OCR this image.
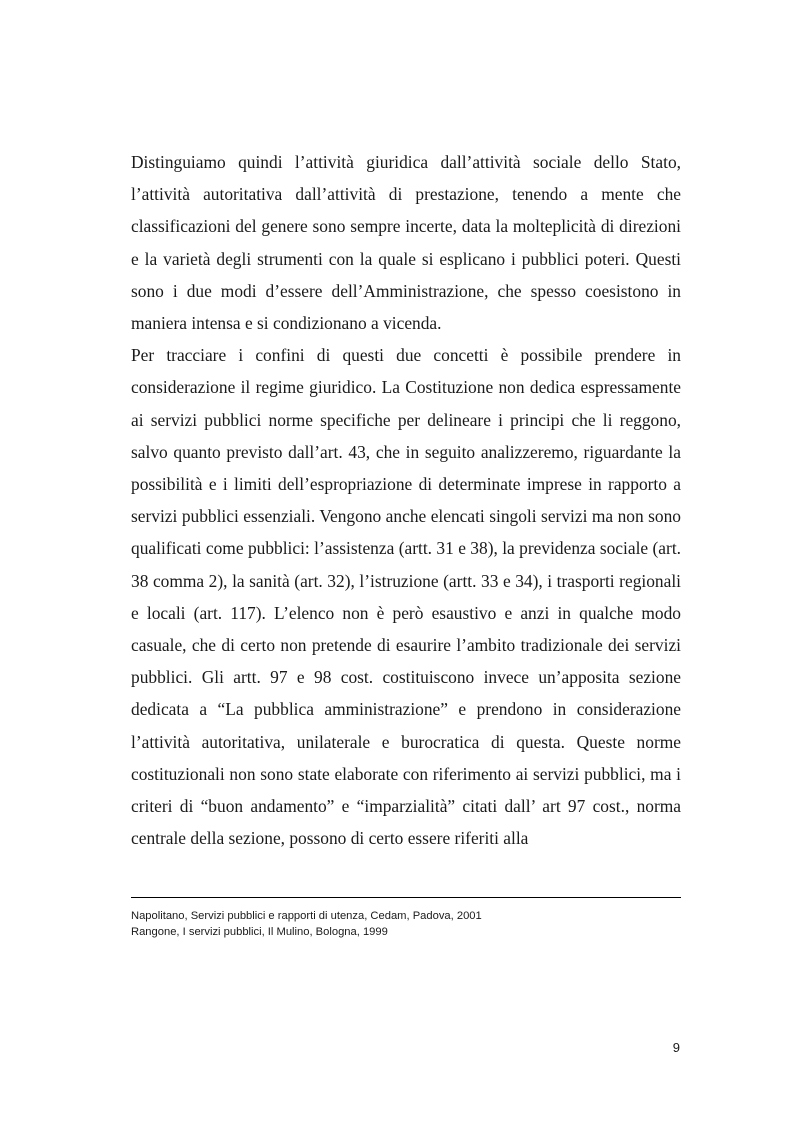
Distinguiamo quindi l’attività giuridica dall’attività sociale dello Stato, l’attività autoritativa dall’attività di prestazione, tenendo a mente che classificazioni del genere sono sempre incerte, data la molteplicità di direzioni e la varietà degli strumenti con la quale si esplicano i pubblici poteri. Questi sono i due modi d’essere dell’Amministrazione, che spesso coesistono in maniera intensa e si condizionano a vicenda.

Per tracciare i confini di questi due concetti è possibile prendere in considerazione il regime giuridico. La Costituzione non dedica espressamente ai servizi pubblici norme specifiche per delineare i principi che li reggono, salvo quanto previsto dall’art. 43, che in seguito analizzeremo, riguardante la possibilità e i limiti dell’espropriazione di determinate imprese in rapporto a servizi pubblici essenziali. Vengono anche elencati singoli servizi ma non sono qualificati come pubblici: l’assistenza (artt. 31 e 38), la previdenza sociale (art. 38 comma 2), la sanità (art. 32), l’istruzione (artt. 33 e 34), i trasporti regionali e locali (art. 117). L’elenco non è però esaustivo e anzi in qualche modo casuale, che di certo non pretende di esaurire l’ambito tradizionale dei servizi pubblici. Gli artt. 97 e 98 cost. costituiscono invece un’apposita sezione dedicata a “La pubblica amministrazione” e prendono in considerazione l’attività autoritativa, unilaterale e burocratica di questa. Queste norme costituzionali non sono state elaborate con riferimento ai servizi pubblici, ma i criteri di “buon andamento” e “imparzialità” citati dall’ art 97 cost., norma centrale della sezione, possono di certo essere riferiti alla

Napolitano, Servizi pubblici e rapporti di utenza, Cedam, Padova, 2001
Rangone, I servizi pubblici, Il Mulino, Bologna, 1999
9
